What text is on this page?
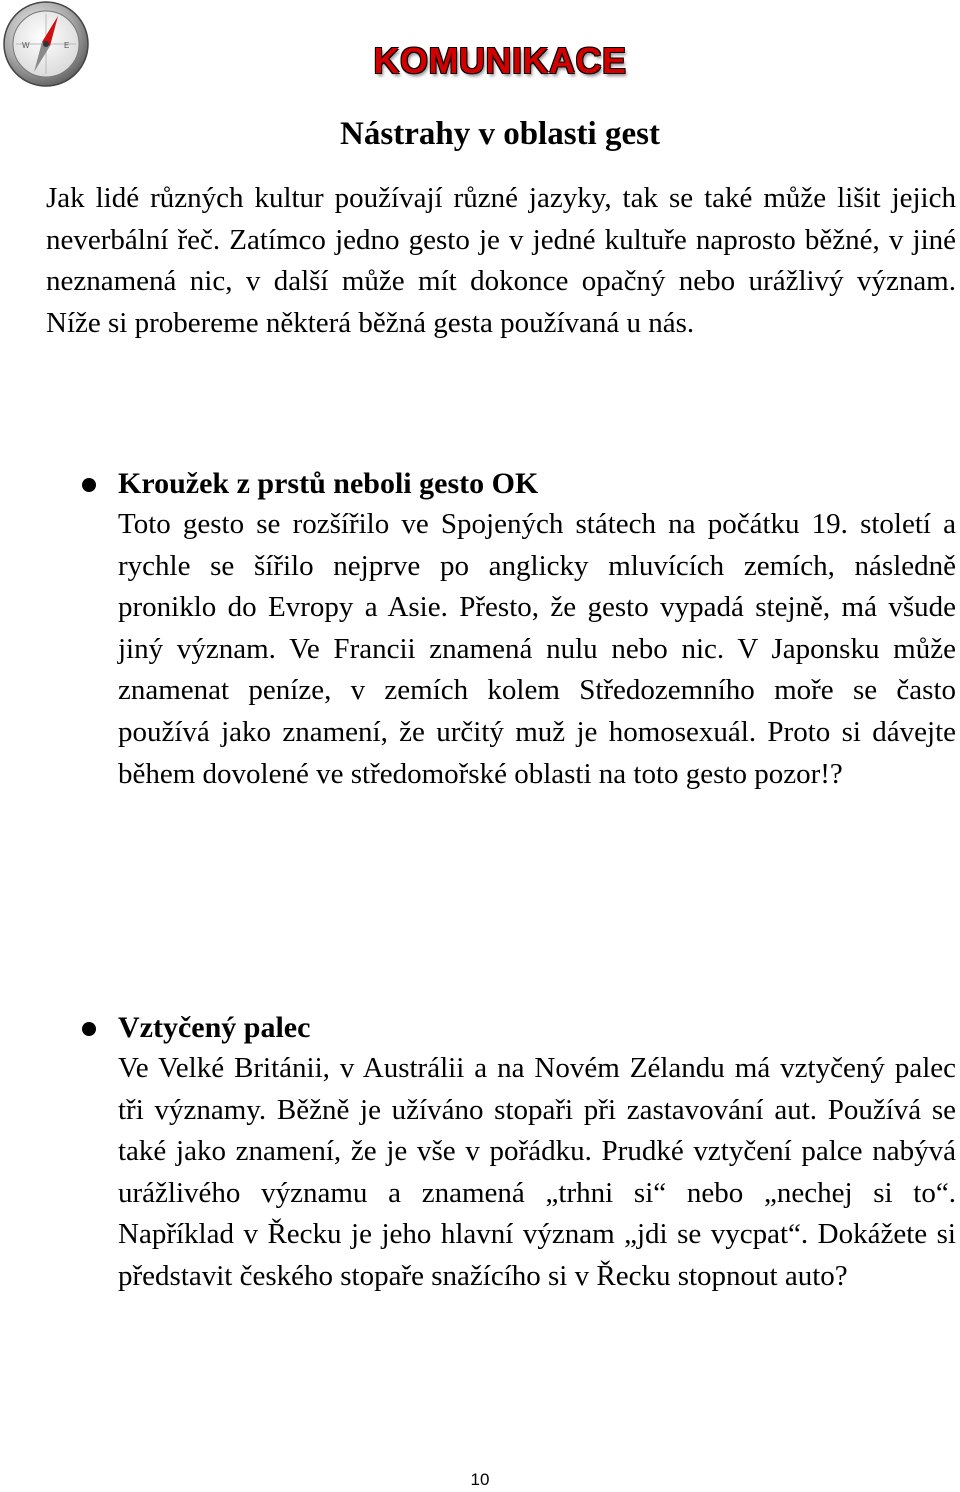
W	E	KOMUNIKACE
Nástrahy v oblasti gest

Jak lidé různých kultur používají různé jazyky, tak se také může lišit jejich neverbální řeč. Zatímco jedno gesto je v jedné kultuře naprosto běžné, v jiné neznamená nic, v další může mít dokonce opačný nebo urážlivý význam. Níže si probereme některá běžná gesta používaná u nás.

Kroužek z prstů neboli gesto OK

Toto gesto se rozšířilo ve Spojených státech na počátku 19. století a rychle se šířilo nejprve po anglicky mluvících zemích, následně proniklo do Evropy a Asie. Přesto, že gesto vypadá stejně, má všude jiný význam. Ve Francii znamená nulu nebo nic. V Japonsku může znamenat peníze, v zemích kolem Středozemního moře se často používá jako znamení, že určitý muž je homosexuál. Proto si dávejte během dovolené ve středomořské oblasti na toto gesto pozor!?

Vztyčený palec

Ve Velké Británii, v Austrálii a na Novém Zélandu má vztyčený palec tři významy. Běžně je užíváno stopaři při zastavování aut. Používá se také jako znamení, že je vše v pořádku. Prudké vztyčení palce nabývá urážlivého významu a znamená „trhni si“ nebo „nechej si to“. Například v Řecku je jeho hlavní význam „jdi se vycpat“. Dokážete si představit českého stopaře snažícího si v Řecku stopnout auto?

10
